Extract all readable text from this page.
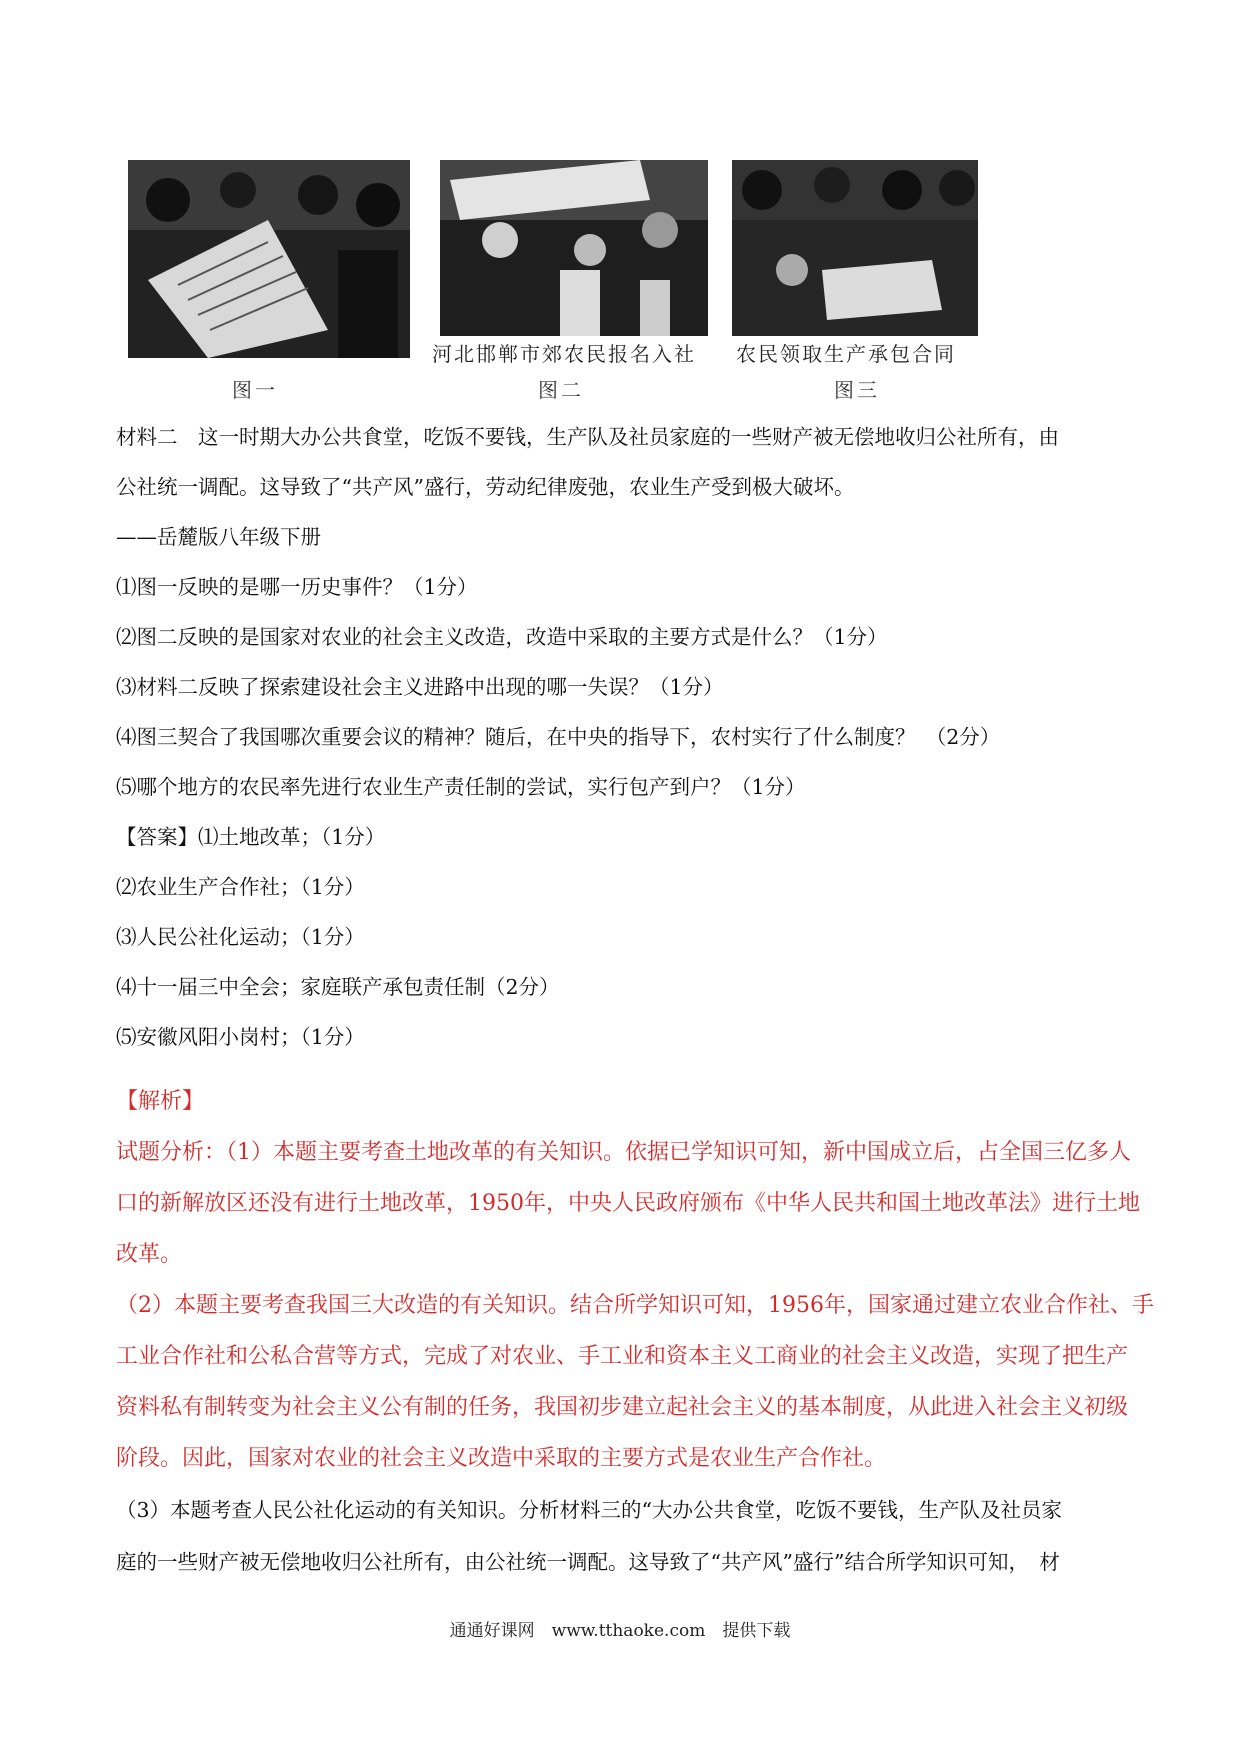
河北邯郸市郊农民报名入社 农民领取生产承包合同
图一	图二	图三
材料二　这一时期大办公共食堂，吃饭不要钱，生产队及社员家庭的一些财产被无偿地收归公社所有，由
公社统一调配。这导致了“共产风”盛行，劳动纪律废弛，农业生产受到极大破坏。
——岳麓版八年级下册
⑴图一反映的是哪一历史事件？（1分）
⑵图二反映的是国家对农业的社会主义改造，改造中采取的主要方式是什么？（1分）
⑶材料二反映了探索建设社会主义进路中出现的哪一失误？（1分）
⑷图三契合了我国哪次重要会议的精神？随后，在中央的指导下，农村实行了什么制度？　（2分）
⑸哪个地方的农民率先进行农业生产责任制的尝试，实行包产到户？（1分）
【答案】⑴土地改革；（1分）
⑵农业生产合作社；（1分）
⑶人民公社化运动；（1分）
⑷十一届三中全会；家庭联产承包责任制（2分）
⑸安徽风阳小岗村；（1分）
【解析】
试题分析：（1）本题主要考查土地改革的有关知识。依据已学知识可知，新中国成立后，占全国三亿多人
口的新解放区还没有进行土地改革，1950年，中央人民政府颁布《中华人民共和国土地改革法》进行土地
改革。
（2）本题主要考查我国三大改造的有关知识。结合所学知识可知，1956年，国家通过建立农业合作社、手
工业合作社和公私合营等方式，完成了对农业、手工业和资本主义工商业的社会主义改造，实现了把生产
资料私有制转变为社会主义公有制的任务，我国初步建立起社会主义的基本制度，从此进入社会主义初级
阶段。因此，国家对农业的社会主义改造中采取的主要方式是农业生产合作社。
（3）本题考查人民公社化运动的有关知识。分析材料三的“大办公共食堂，吃饭不要钱，生产队及社员家
庭的一些财产被无偿地收归公社所有，由公社统一调配。这导致了“共产风”盛行”结合所学知识可知，　材
通通好课网　www.tthaoke.com　提供下载
